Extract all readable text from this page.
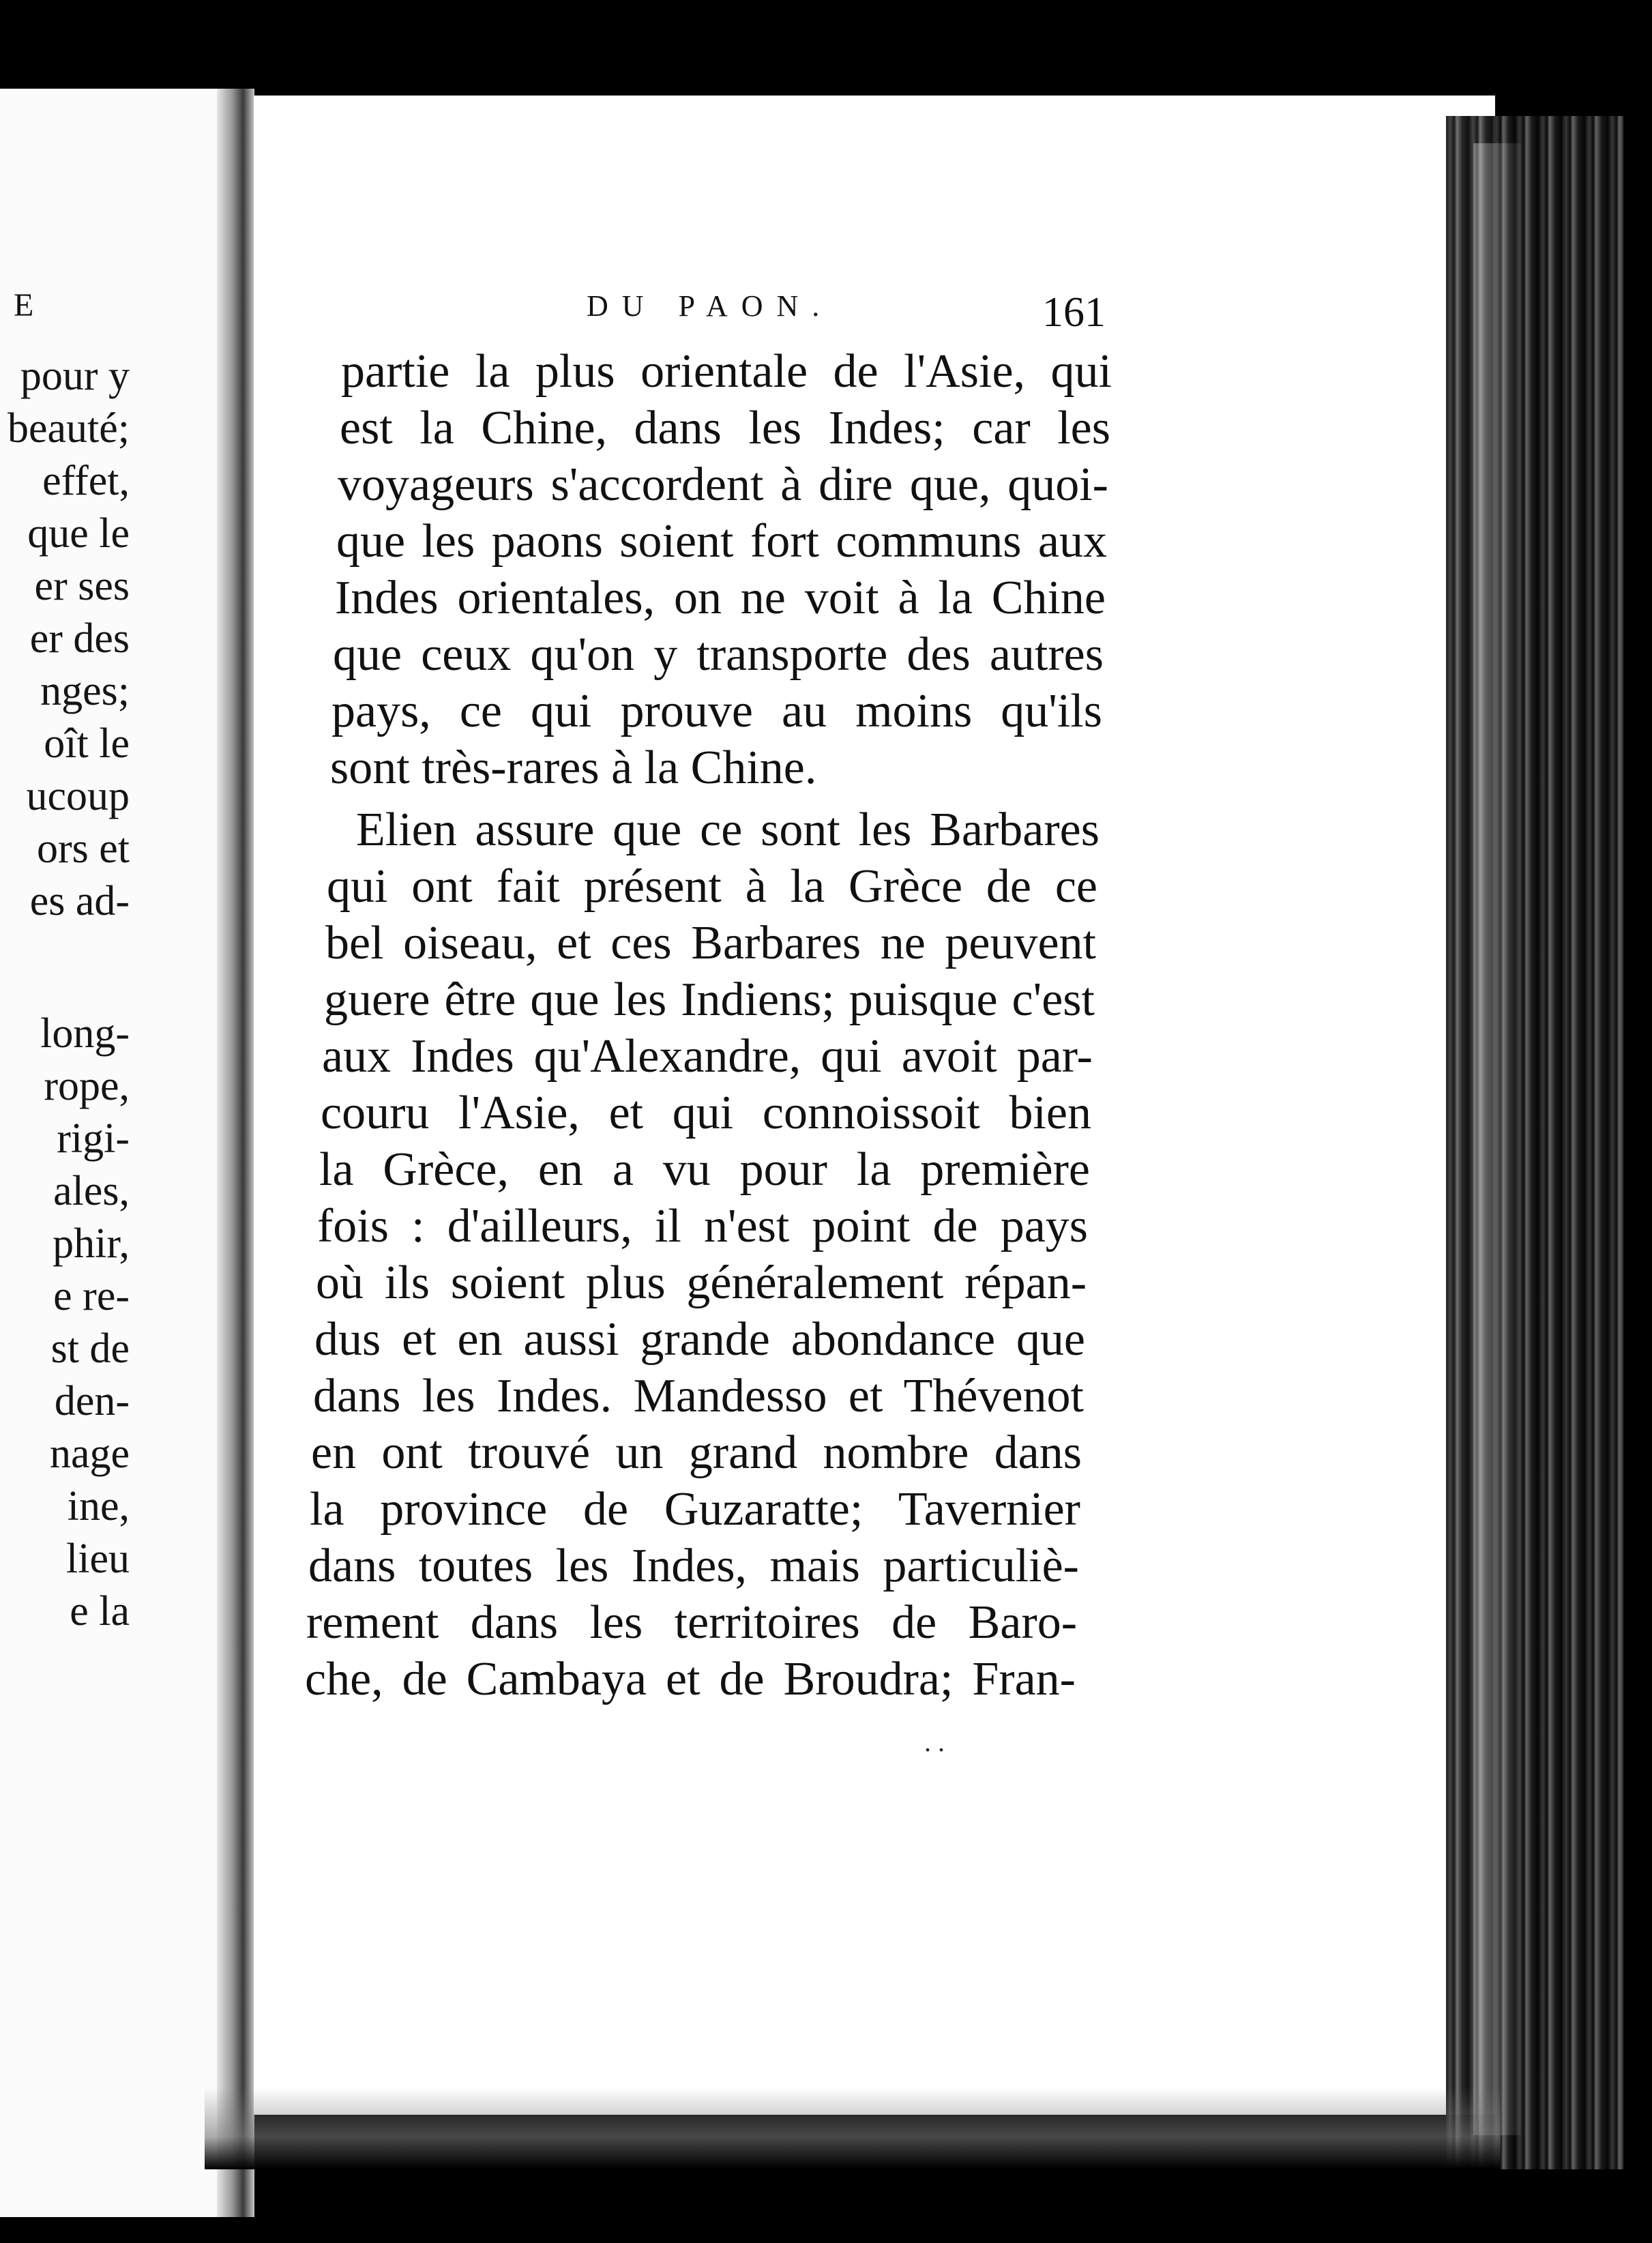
E
pour y
beauté;
effet,
que le
er ses
er des
nges;
oît le
ucoup
ors et
es ad-
long-
rope,
rigi-
ales,
phir,
e re-
st de
den-
nage
ine,
lieu
e la
DU PAON.	161
partie la plus orientale de l'Asie, qui
est la Chine, dans les Indes; car les
voyageurs s'accordent à dire que, quoi-
que les paons soient fort communs aux
Indes orientales, on ne voit à la Chine
que ceux qu'on y transporte des autres
pays, ce qui prouve au moins qu'ils
sont très-rares à la Chine.
Elien assure que ce sont les Barbares
qui ont fait présent à la Grèce de ce
bel oiseau, et ces Barbares ne peuvent
guere être que les Indiens; puisque c'est
aux Indes qu'Alexandre, qui avoit par-
couru l'Asie, et qui connoissoit bien
la Grèce, en a vu pour la première
fois : d'ailleurs, il n'est point de pays
où ils soient plus généralement répan-
dus et en aussi grande abondance que
dans les Indes. Mandesso et Thévenot
en ont trouvé un grand nombre dans
la province de Guzaratte; Tavernier
dans toutes les Indes, mais particuliè-
rement dans les territoires de Baro-
che, de Cambaya et de Broudra; Fran-
. .
